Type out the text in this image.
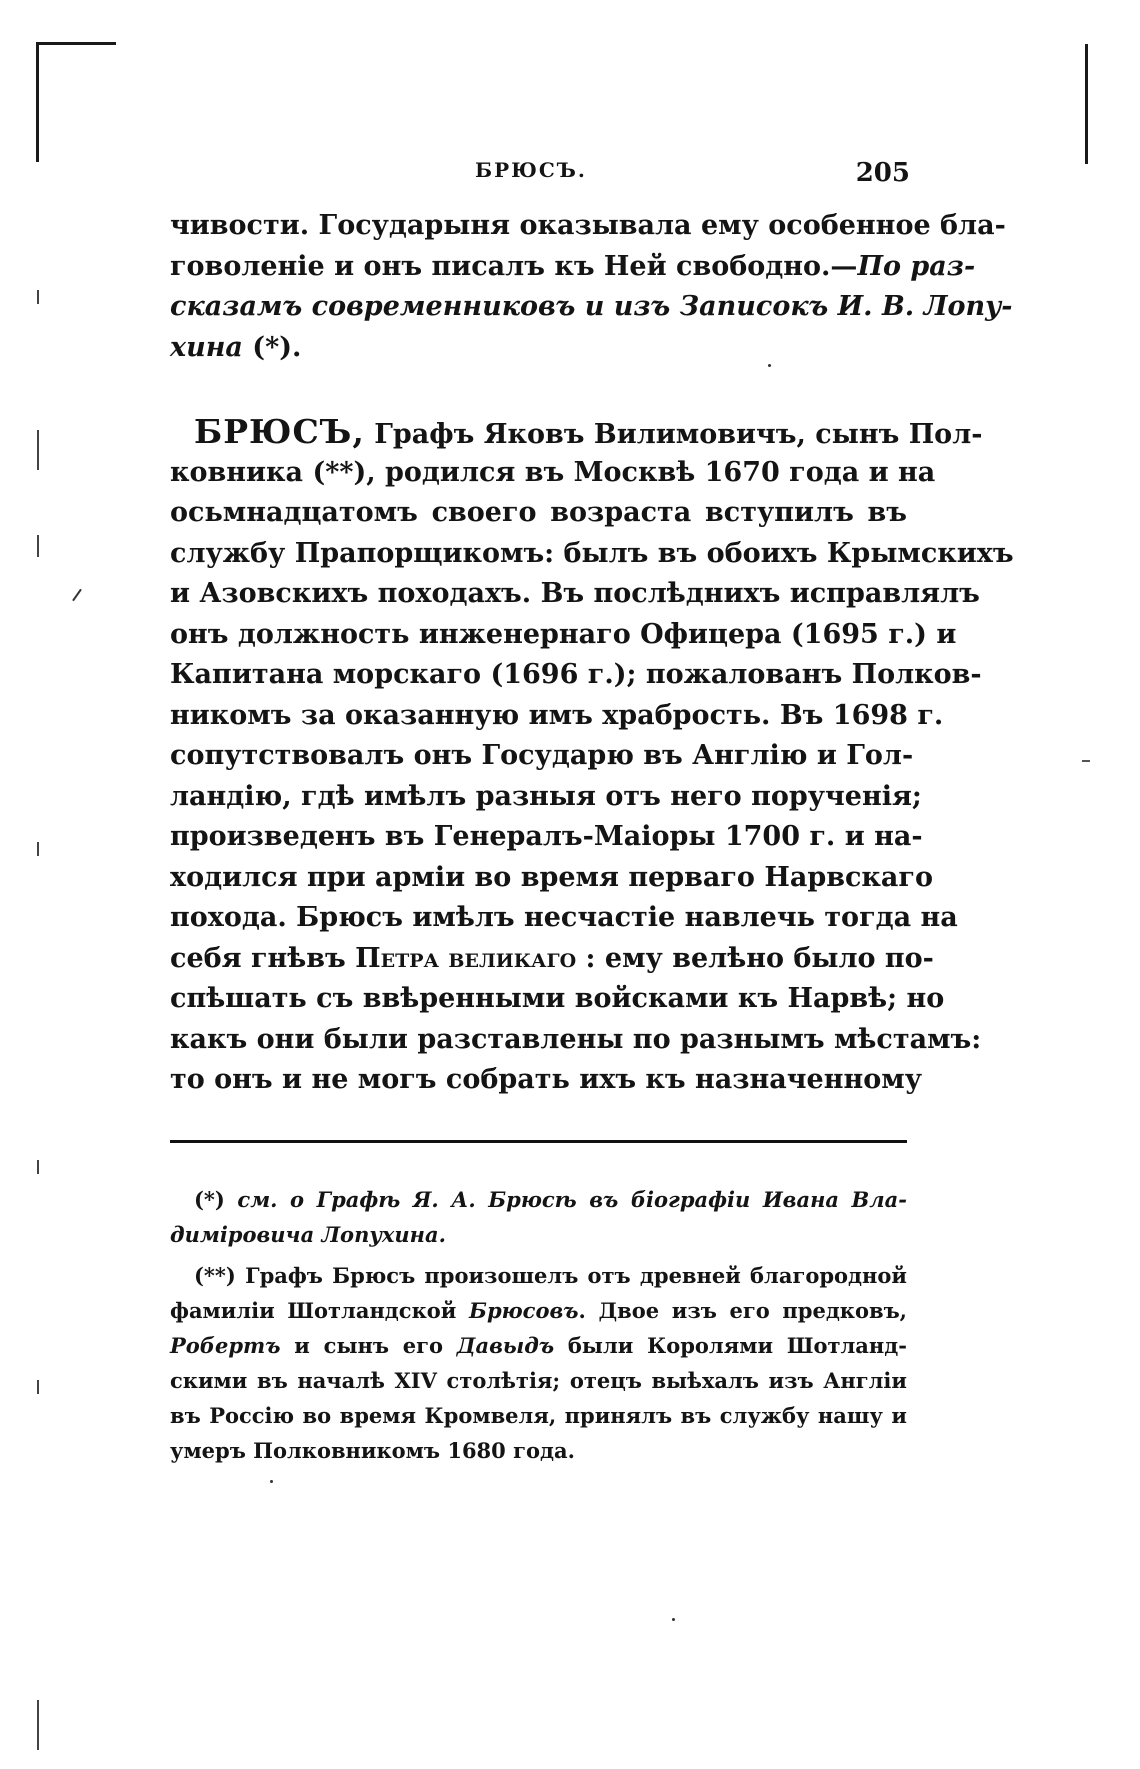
БРЮСЪ.	205
чивости. Государыня оказывала ему особенное бла-
говоленіе и онъ писалъ къ Ней свободно.—По раз-
сказамъ современниковъ и изъ Записокъ И. В. Лопу-
хина (*).
БРЮСЪ, Графъ Яковъ Вилимовичъ, сынъ Пол-
ковника (**), родился въ Москвѣ 1670 года и на
осьмнадцатомъ своего возраста вступилъ въ
службу Прапорщикомъ: былъ въ обоихъ Крымскихъ
и Азовскихъ походахъ. Въ послѣднихъ исправлялъ
онъ должность инженернаго Офицера (1695 г.) и
Капитана морскаго (1696 г.); пожалованъ Полков-
никомъ за оказанную имъ храбрость. Въ 1698 г.
сопутствовалъ онъ Государю въ Англію и Гол-
ландію, гдѣ имѣлъ разныя отъ него порученія;
произведенъ въ Генералъ-Маіоры 1700 г. и на-
ходился при арміи во время перваго Нарвскаго
похода. Брюсъ имѣлъ несчастіе навлечь тогда на
себя гнѣвъ Петра великаго : ему велѣно было по-
спѣшать съ ввѣренными войсками къ Нарвѣ; но
какъ они были разставлены по разнымъ мѣстамъ:
то онъ и не могъ собрать ихъ къ назначенному
(*) см. о Графѣ Я. А. Брюсѣ въ біографіи Ивана Вла-
диміровича Лопухина.
(**) Графъ Брюсъ произошелъ отъ древней благородной
фамиліи Шотландской Брюсовъ. Двое изъ его предковъ,
Робертъ и сынъ его Давыдъ были Королями Шотланд-
скими въ началѣ XIV столѣтія; отецъ выѣхалъ изъ Англіи
въ Россію во время Кромвеля, принялъ въ службу нашу и
умеръ Полковникомъ 1680 года.
